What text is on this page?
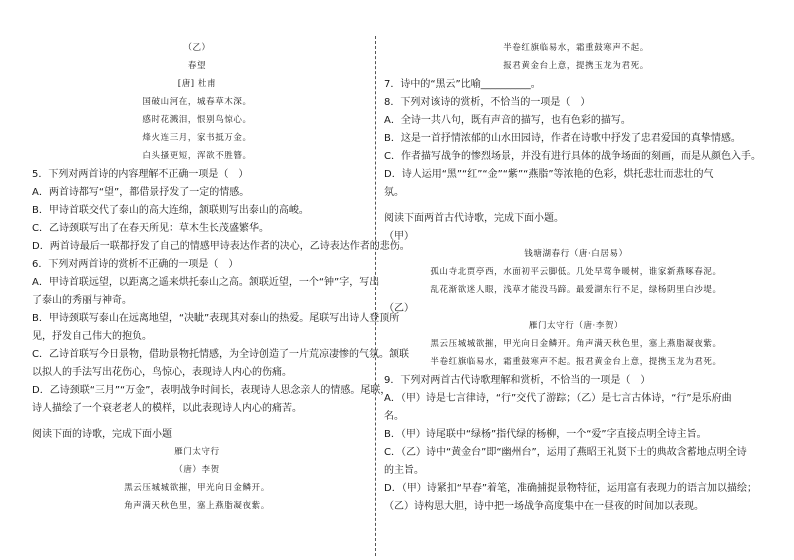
（乙）
春望
[唐] 杜甫
国破山河在，城春草木深。
感时花溅泪，恨别鸟惊心。
烽火连三月，家书抵万金。
白头搔更短，浑欲不胜簪。
5．下列对两首诗的内容理解不正确一项是（　）
A．两首诗都写“望”，都借景抒发了一定的情感。
B．甲诗首联交代了泰山的高大连绵，颔联则写出泰山的高峻。
C．乙诗颈联写出了在春天所见：草木生长茂盛繁华。
D．两首诗最后一联都抒发了自己的情感甲诗表达作者的决心，乙诗表达作者的悲伤。
6．下列对两首诗的赏析不正确的一项是（　）
A．甲诗首联远望，以距离之遥来烘托泰山之高。颔联近望，一个“钟”字，写出
了泰山的秀丽与神奇。
B．甲诗颈联写泰山在远离地望，“决眦”表现其对泰山的热爱。尾联写出诗人登顶所
见，抒发自己伟大的抱负。
C．乙诗首联写今日景物，借助景物托情感，为全诗创造了一片荒凉凄惨的气氛。颔联
以拟人的手法写出花伤心，鸟惊心，表现诗人内心的伤痛。
D．乙诗颈联“三月”“万金”，表明战争时间长，表现诗人思念亲人的情感。尾联，
诗人描绘了一个衰老老人的模样，以此表现诗人内心的痛苦。
阅读下面的诗歌，完成下面小题
雁门太守行
（唐）李贺
黑云压城城欲摧，甲光向日金鳞开。
角声满天秋色里，塞上燕脂凝夜紫。
半卷红旗临易水，霜重鼓寒声不起。
报君黄金台上意，提携玉龙为君死。
7．诗中的“黑云”比喻__________。
8．下列对该诗的赏析，不恰当的一项是（　）
A．全诗一共八句，既有声音的描写，也有色彩的描写。
B．这是一首抒情浓郁的山水田园诗，作者在诗歌中抒发了忠君爱国的真挚情感。
C．作者描写战争的惨烈场景，并没有进行具体的战争场面的刻画，而是从颜色入手。
D．诗人运用“黑”“红”“金”“紫”“燕脂”等浓艳的色彩，烘托悲壮而悲壮的气
氛。
阅读下面两首古代诗歌，完成下面小题。
（甲）
钱塘湖春行（唐·白居易）
孤山寺北贾亭西，水面初平云脚低。几处早莺争暖树，谁家新燕啄春泥。
乱花渐欲迷人眼，浅草才能没马蹄。最爱湖东行不足，绿杨阴里白沙堤。
（乙）
雁门太守行（唐·李贺）
黑云压城城欲摧，甲光向日金鳞开。角声满天秋色里，塞上燕脂凝夜紫。
半卷红旗临易水，霜重鼓寒声不起。报君黄金台上意，提携玉龙为君死。
9．下列对两首古代诗歌理解和赏析，不恰当的一项是（　）
A．（甲）诗是七言律诗，“行”交代了游踪；（乙）是七言古体诗，“行”是乐府曲
名。
B．（甲）诗尾联中“绿杨”指代绿的杨柳，一个“爱”字直接点明全诗主旨。
C．（乙）诗中“黄金台”即“幽州台”，运用了燕昭王礼贤下士的典故含蓄地点明全诗
的主旨。
D．（甲）诗紧扣“早春”着笔，准确捕捉景物特征，运用富有表现力的语言加以描绘；
（乙）诗构思大胆，诗中把一场战争高度集中在一昼夜的时间加以表现。
